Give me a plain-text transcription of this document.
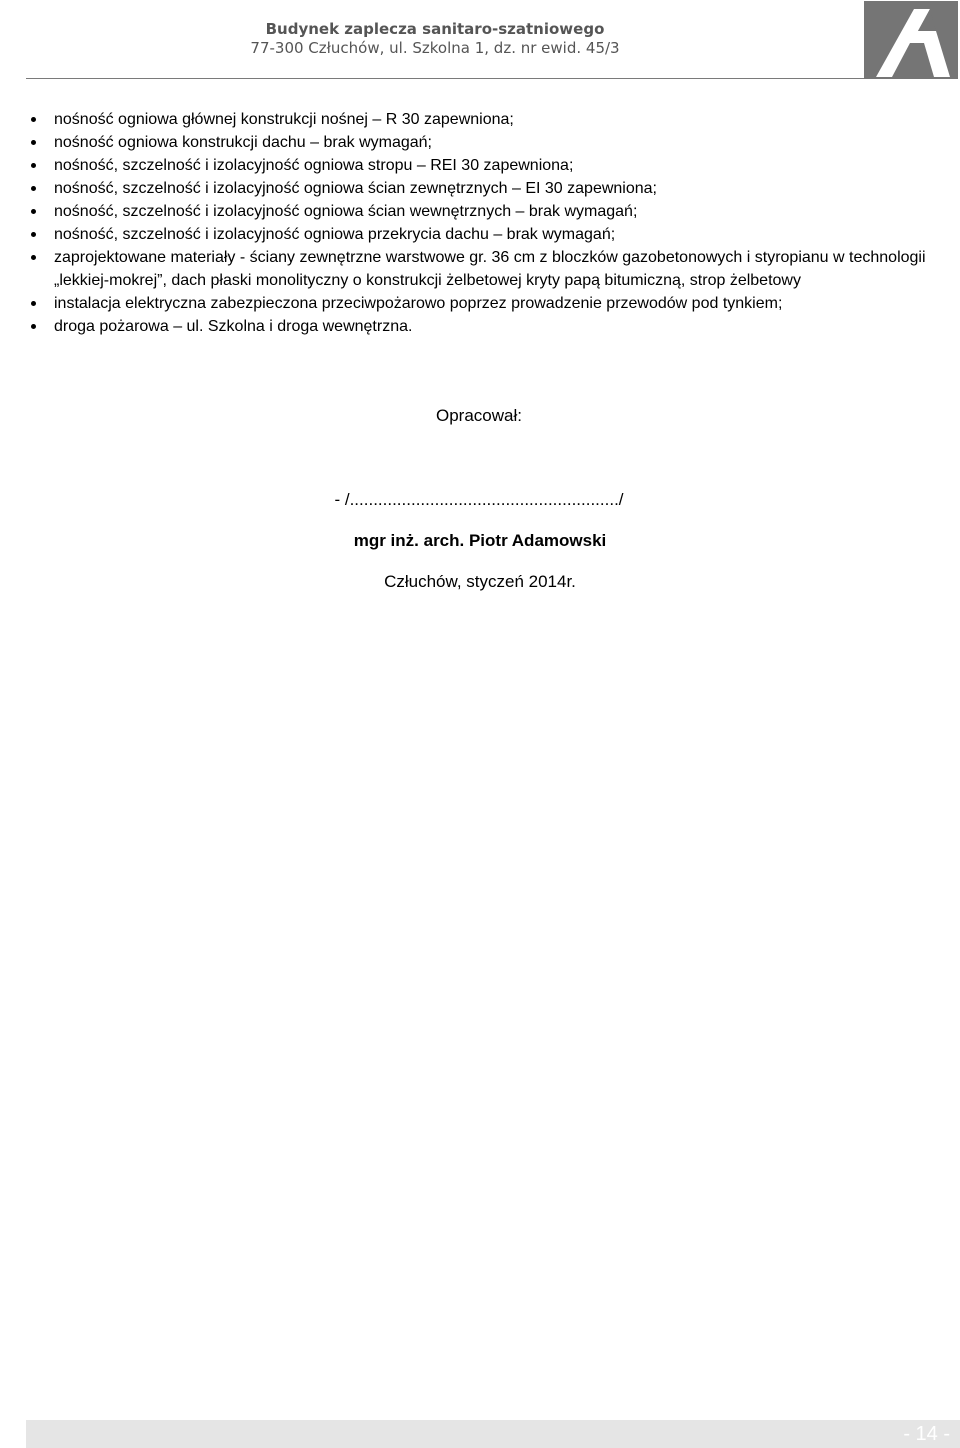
Budynek zaplecza sanitaro-szatniowego
77-300 Człuchów, ul. Szkolna 1, dz. nr ewid. 45/3
nośność ogniowa głównej konstrukcji nośnej – R 30 zapewniona;
nośność ogniowa konstrukcji dachu – brak wymagań;
nośność, szczelność i izolacyjność ogniowa stropu – REI 30 zapewniona;
nośność, szczelność i izolacyjność ogniowa ścian zewnętrznych – EI 30 zapewniona;
nośność, szczelność i izolacyjność ogniowa ścian wewnętrznych – brak wymagań;
nośność, szczelność i izolacyjność ogniowa przekrycia dachu – brak wymagań;
zaprojektowane materiały - ściany zewnętrzne warstwowe gr. 36 cm z bloczków gazobetonowych i styropianu w technologii „lekkiej-mokrej”, dach płaski monolityczny o konstrukcji żelbetowej kryty papą bitumiczną, strop żelbetowy
instalacja elektryczna zabezpieczona przeciwpożarowo poprzez prowadzenie przewodów pod tynkiem;
droga pożarowa – ul. Szkolna i droga wewnętrzna.
Opracował:
- /........................................................./
mgr inż. arch. Piotr Adamowski
Człuchów, styczeń 2014r.
- 14 -
